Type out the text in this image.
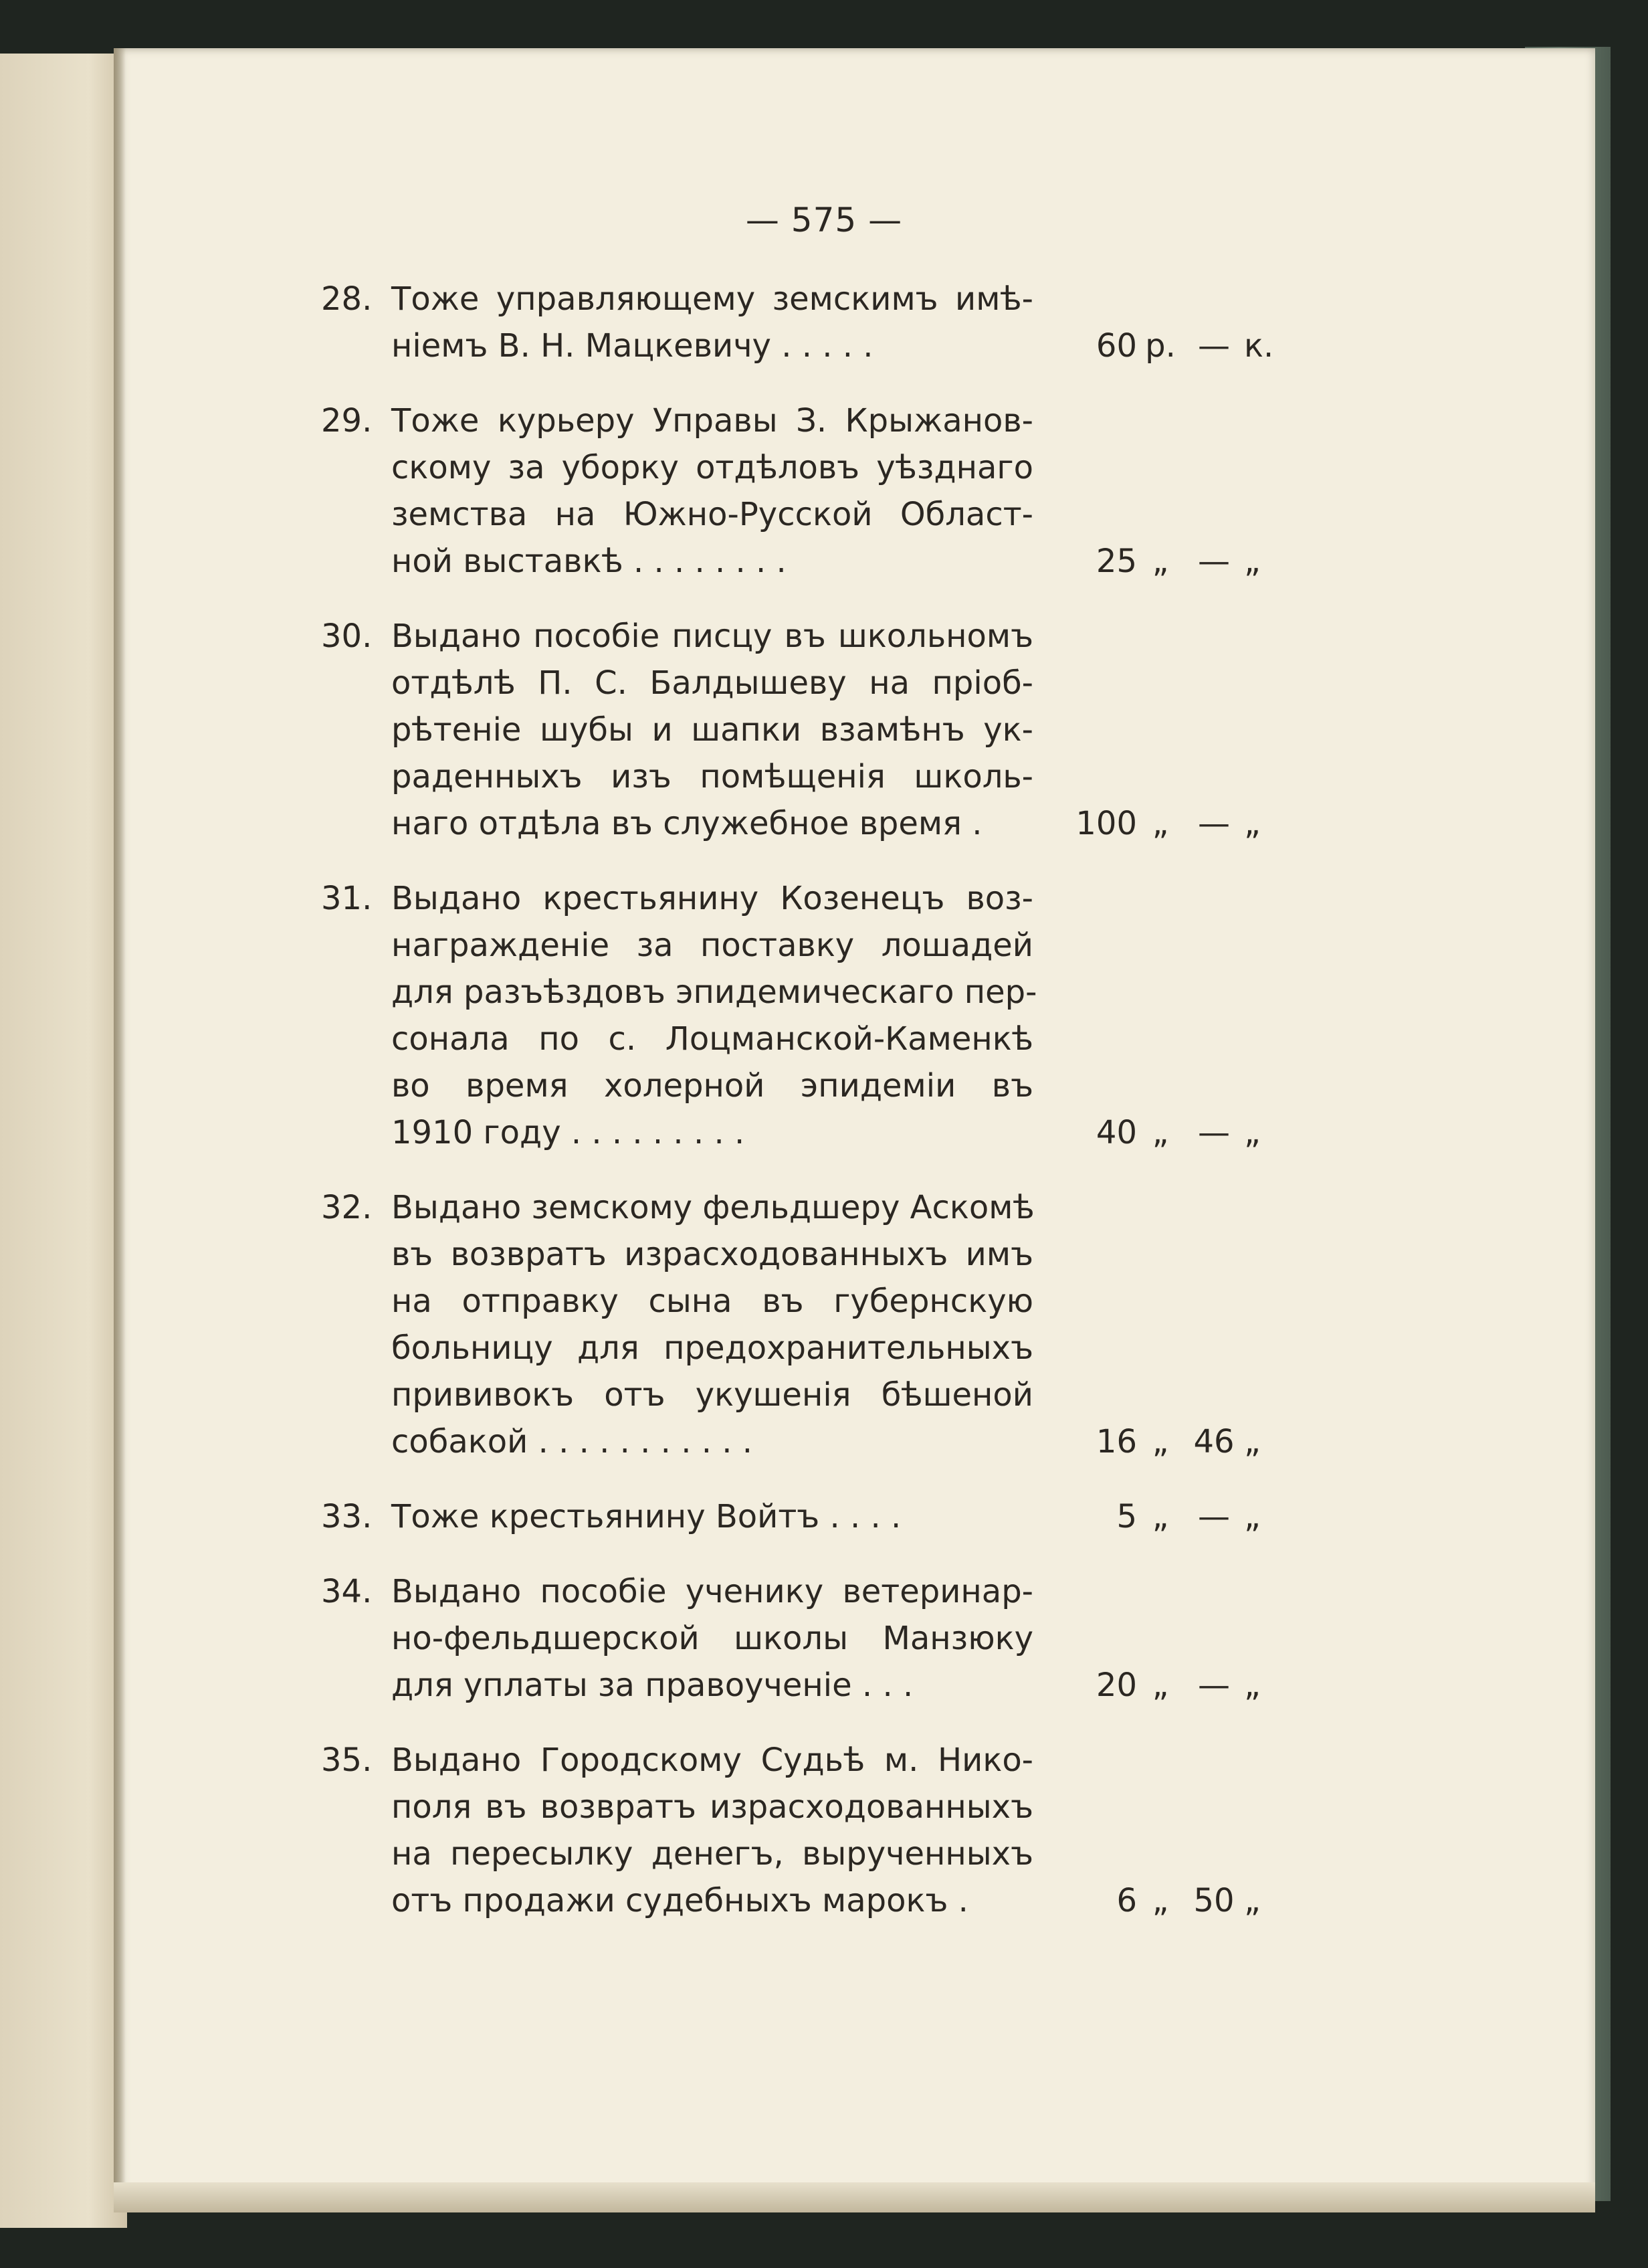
— 575 —
28. Тоже управляющему земскимъ имѣ-
ніемъ В. Н. Мацкевичу . . . . .	60 р. — к.
29. Тоже курьеру Управы З. Крыжанов-
скому за уборку отдѣловъ уѣзднаго
земства на Южно-Русской Област-
ной выставкѣ . . . . . . . .	25 „ — „
30. Выдано пособіе писцу въ школьномъ
отдѣлѣ П. С. Балдышеву на пріоб-
рѣтеніе шубы и шапки взамѣнъ ук-
раденныхъ изъ помѣщенія школь-
наго отдѣла въ служебное время .	100 „ — „
31. Выдано крестьянину Козенецъ воз-
награжденіе за поставку лошадей
для разъѣздовъ эпидемическаго пер-
сонала по с. Лоцманской-Каменкѣ
во время холерной эпидеміи въ
1910 году . . . . . . . . .	40 „ — „
32. Выдано земскому фельдшеру Аскомѣ
въ возвратъ израсходованныхъ имъ
на отправку сына въ губернскую
больницу для предохранительныхъ
прививокъ отъ укушенія бѣшеной
собакой . . . . . . . . . . .	16 „ 46 „
33. Тоже крестьянину Войтъ . . . .	5 „ — „
34. Выдано пособіе ученику ветеринар-
но-фельдшерской школы Манзюку
для уплаты за правоученіе . . .	20 „ — „
35. Выдано Городскому Судьѣ м. Нико-
поля въ возвратъ израсходованныхъ
на пересылку денегъ, вырученныхъ
отъ продажи судебныхъ марокъ .	6 „ 50 „
